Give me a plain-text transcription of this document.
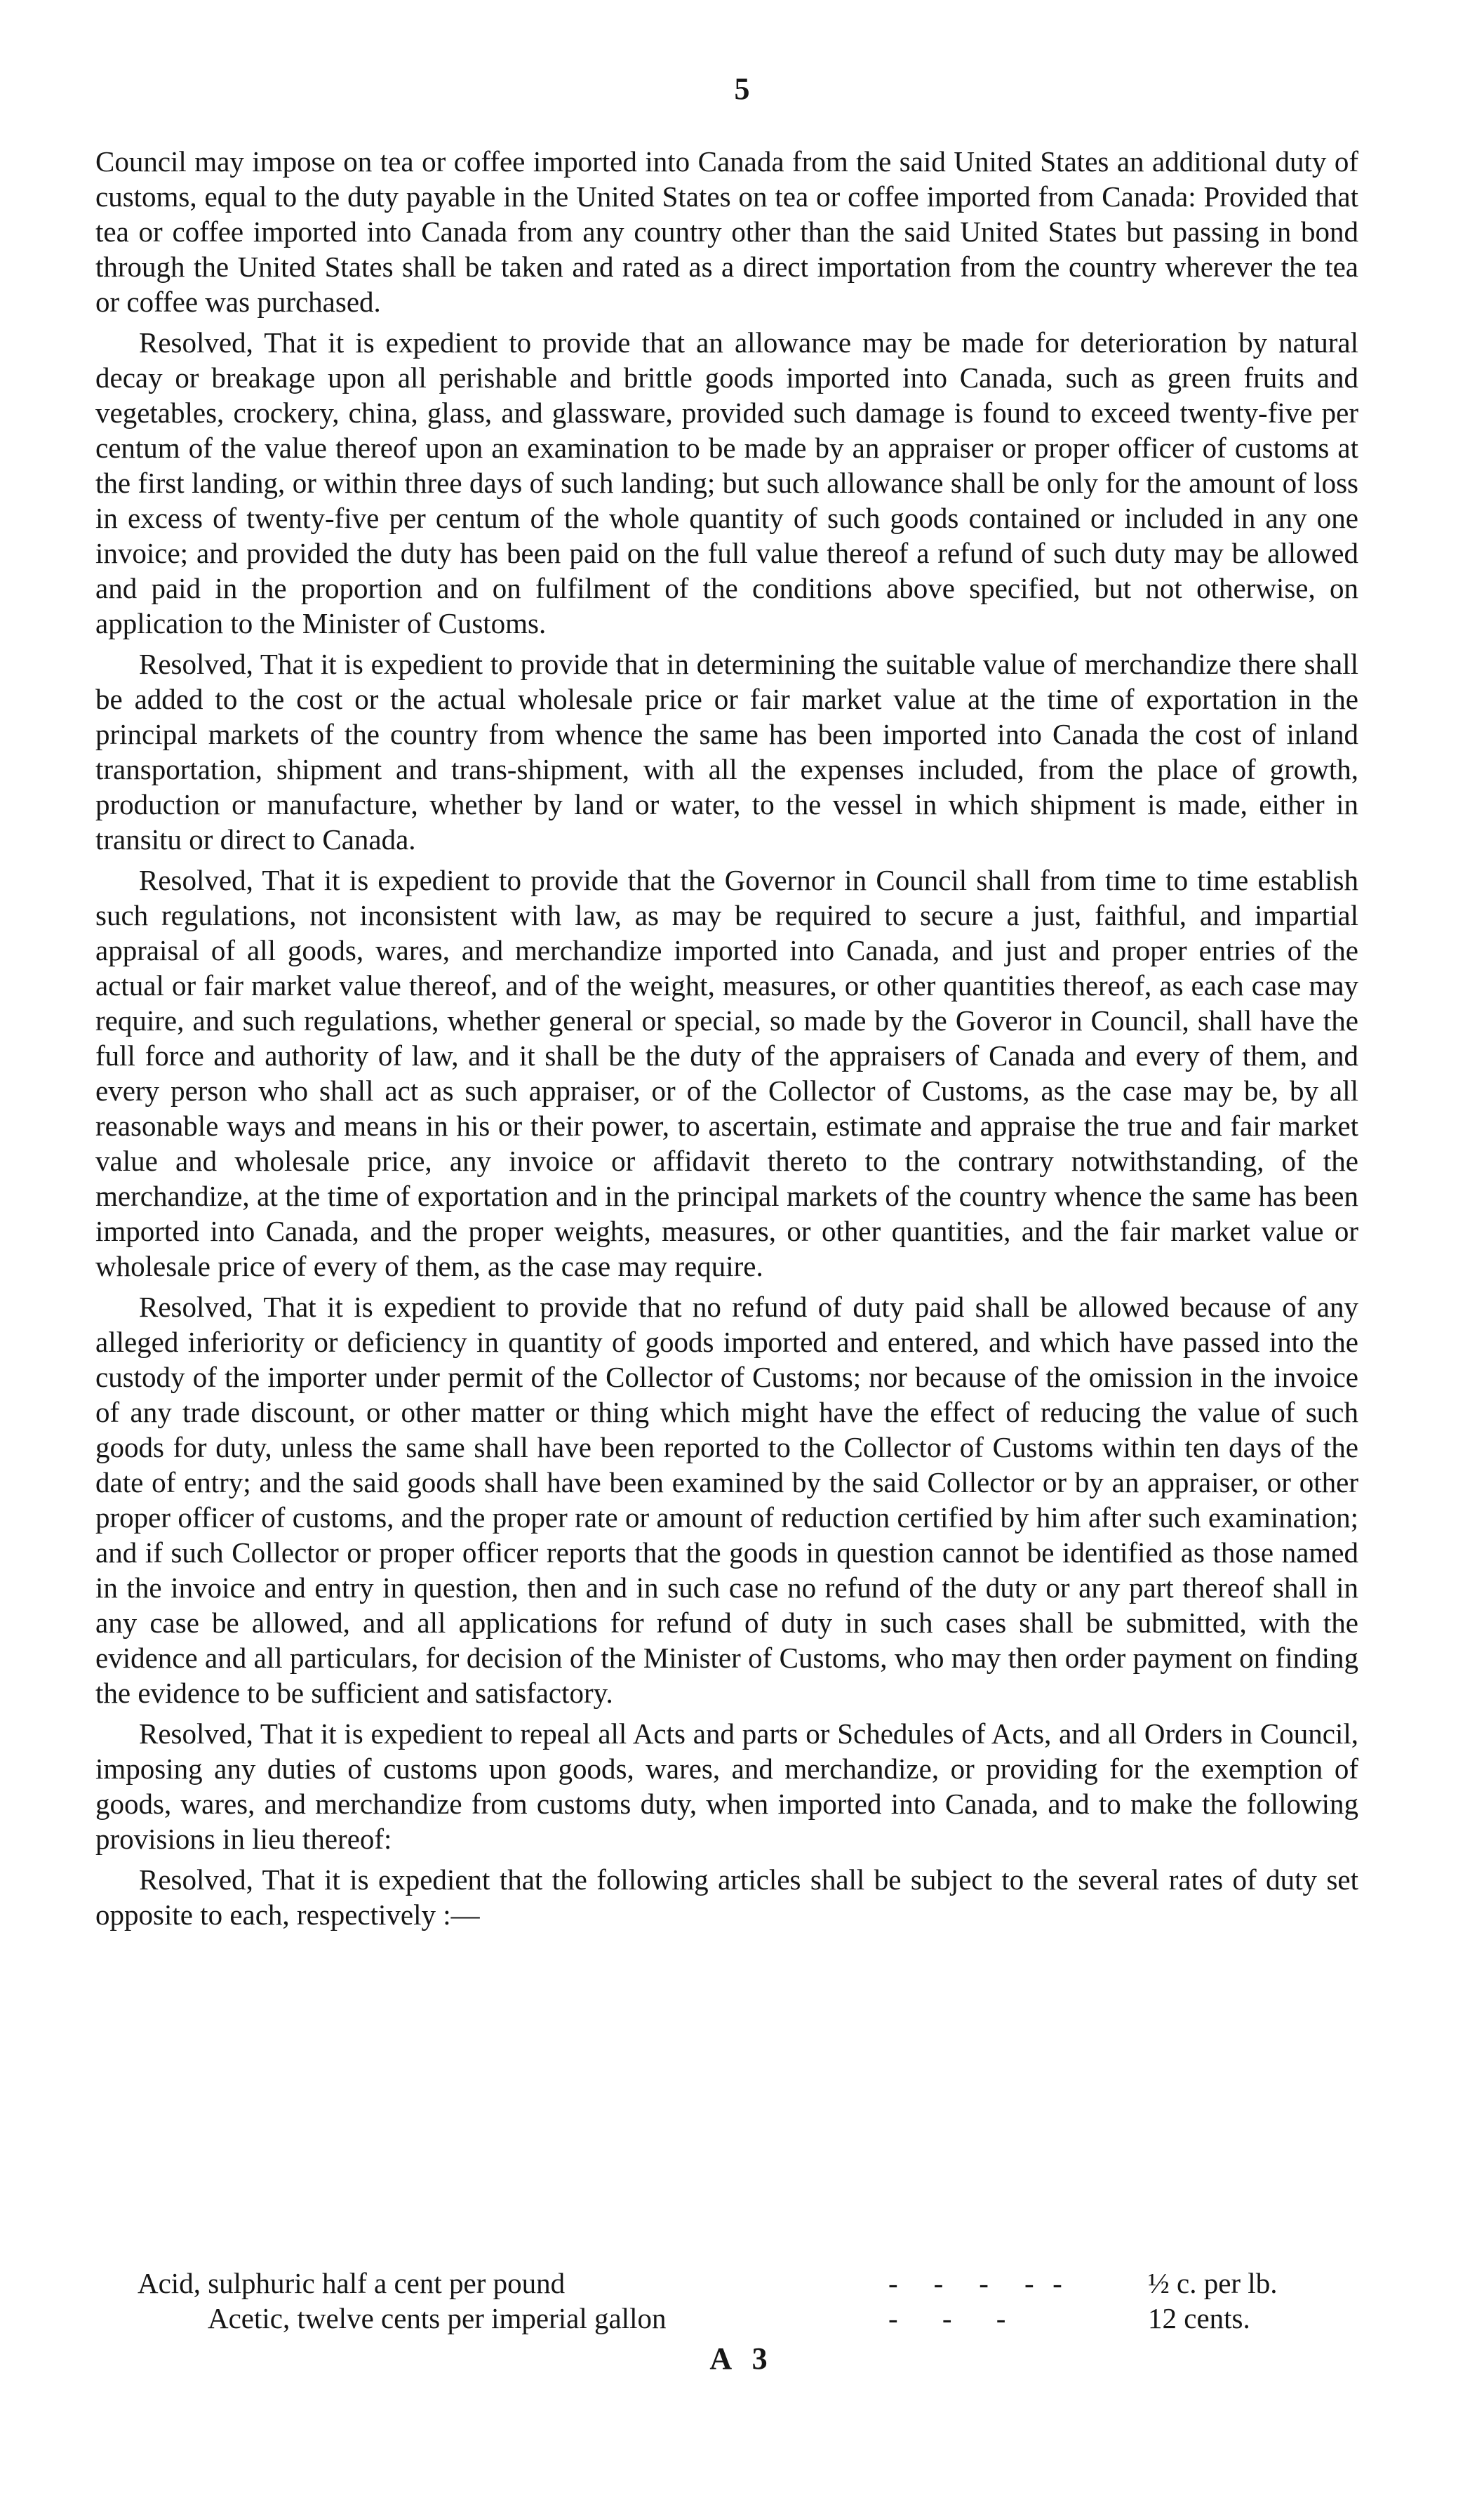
5

Council may impose on tea or coffee imported into Canada from the said United States an additional duty of customs, equal to the duty payable in the United States on tea or coffee imported from Canada: Provided that tea or coffee imported into Canada from any country other than the said United States but passing in bond through the United States shall be taken and rated as a direct importation from the country wherever the tea or coffee was purchased.

Resolved, That it is expedient to provide that an allowance may be made for deterioration by natural decay or breakage upon all perishable and brittle goods imported into Canada, such as green fruits and vegetables, crockery, china, glass, and glassware, provided such damage is found to exceed twenty-five per centum of the value thereof upon an examination to be made by an appraiser or proper officer of customs at the first landing, or within three days of such landing; but such allowance shall be only for the amount of loss in excess of twenty-five per centum of the whole quantity of such goods contained or included in any one invoice; and provided the duty has been paid on the full value thereof a refund of such duty may be allowed and paid in the proportion and on fulfilment of the conditions above specified, but not otherwise, on application to the Minister of Customs.

Resolved, That it is expedient to provide that in determining the suitable value of merchandize there shall be added to the cost or the actual wholesale price or fair market value at the time of exportation in the principal markets of the country from whence the same has been imported into Canada the cost of inland transportation, shipment and trans-shipment, with all the expenses included, from the place of growth, production or manufacture, whether by land or water, to the vessel in which shipment is made, either in transitu or direct to Canada.

Resolved, That it is expedient to provide that the Governor in Council shall from time to time establish such regulations, not inconsistent with law, as may be required to secure a just, faithful, and impartial appraisal of all goods, wares, and merchandize imported into Canada, and just and proper entries of the actual or fair market value thereof, and of the weight, measures, or other quantities thereof, as each case may require, and such regulations, whether general or special, so made by the Goveror in Council, shall have the full force and authority of law, and it shall be the duty of the appraisers of Canada and every of them, and every person who shall act as such appraiser, or of the Collector of Customs, as the case may be, by all reasonable ways and means in his or their power, to ascertain, estimate and appraise the true and fair market value and wholesale price, any invoice or affidavit thereto to the contrary notwithstanding, of the merchandize, at the time of exportation and in the principal markets of the country whence the same has been imported into Canada, and the proper weights, measures, or other quantities, and the fair market value or wholesale price of every of them, as the case may require.

Resolved, That it is expedient to provide that no refund of duty paid shall be allowed because of any alleged inferiority or deficiency in quantity of goods imported and entered, and which have passed into the custody of the importer under permit of the Collector of Customs; nor because of the omission in the invoice of any trade discount, or other matter or thing which might have the effect of reducing the value of such goods for duty, unless the same shall have been reported to the Collector of Customs within ten days of the date of entry; and the said goods shall have been examined by the said Collector or by an appraiser, or other proper officer of customs, and the proper rate or amount of reduction certified by him after such examination; and if such Collector or proper officer reports that the goods in question cannot be identified as those named in the invoice and entry in question, then and in such case no refund of the duty or any part thereof shall in any case be allowed, and all applications for refund of duty in such cases shall be submitted, with the evidence and all particulars, for decision of the Minister of Customs, who may then order payment on finding the evidence to be sufficient and satisfactory.

Resolved, That it is expedient to repeal all Acts and parts or Schedules of Acts, and all Orders in Council, imposing any duties of customs upon goods, wares, and merchandize, or providing for the exemption of goods, wares, and merchandize from customs duty, when imported into Canada, and to make the following provisions in lieu thereof:

Resolved, That it is expedient that the following articles shall be subject to the several rates of duty set opposite to each, respectively :—

Acid, sulphuric half a cent per pound	-    -    -    -  -	½ c. per lb.
Acetic, twelve cents per imperial gallon	-     -     -	12 cents.
A 3
